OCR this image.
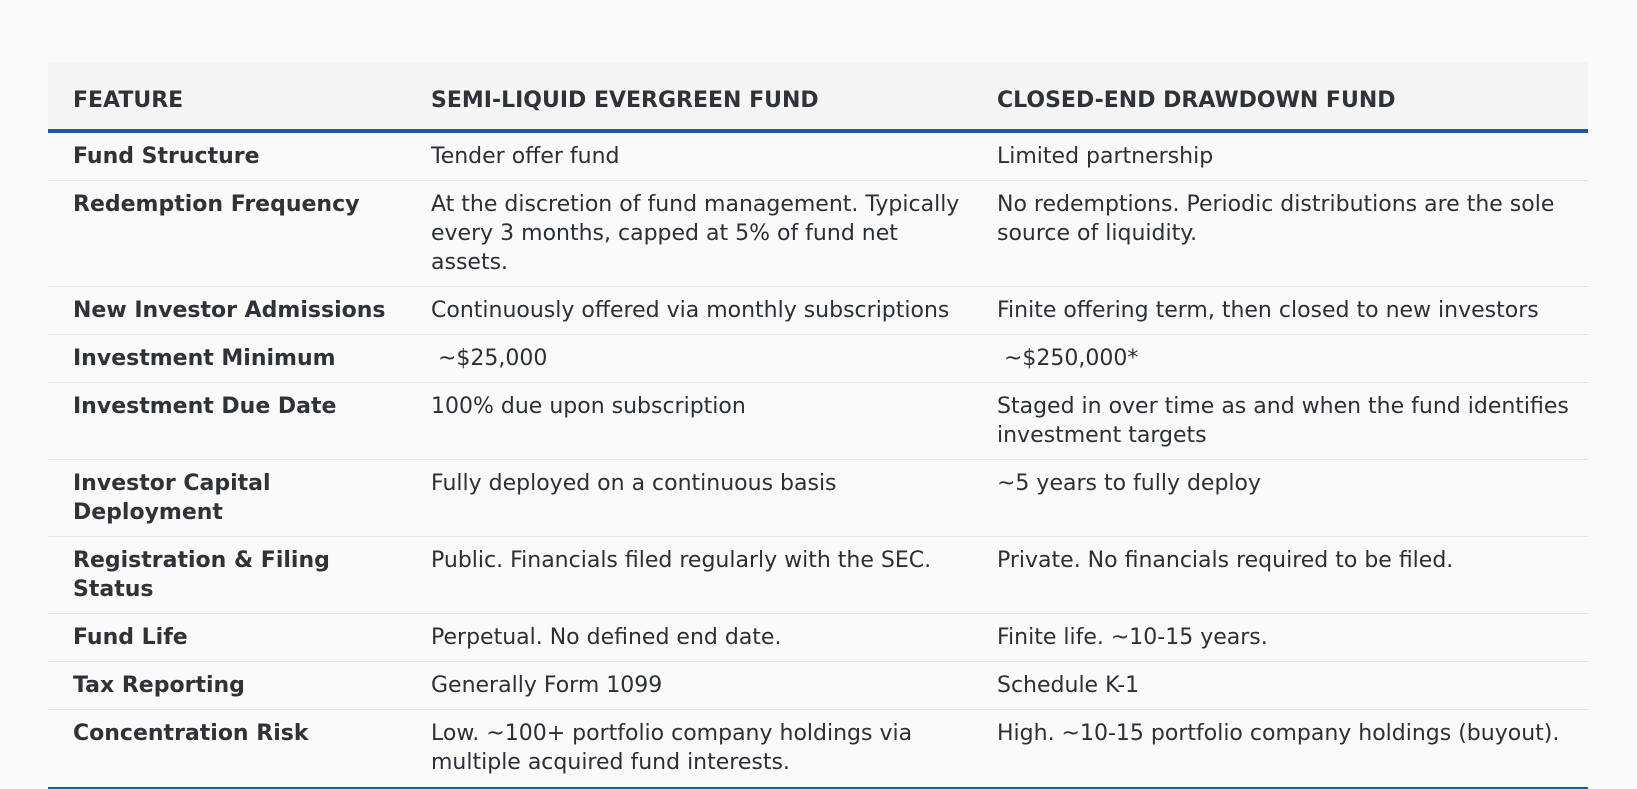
FEATURE	SEMI-LIQUID EVERGREEN FUND	CLOSED-END DRAWDOWN FUND
Fund Structure	Tender offer fund	Limited partnership
Redemption Frequency	At the discretion of fund management. Typically every 3 months, capped at 5% of fund net assets.	No redemptions. Periodic distributions are the sole source of liquidity.
New Investor Admissions	Continuously offered via monthly subscriptions	Finite offering term, then closed to new investors
Investment Minimum	~$25,000	~$250,000*
Investment Due Date	100% due upon subscription	Staged in over time as and when the fund identifies investment targets
Investor Capital Deployment	Fully deployed on a continuous basis	~5 years to fully deploy
Registration & Filing Status	Public. Financials filed regularly with the SEC.	Private. No financials required to be filed.
Fund Life	Perpetual. No defined end date.	Finite life. ~10-15 years.
Tax Reporting	Generally Form 1099	Schedule K-1
Concentration Risk	Low. ~100+ portfolio company holdings via multiple acquired fund interests.	High. ~10-15 portfolio company holdings (buyout).
